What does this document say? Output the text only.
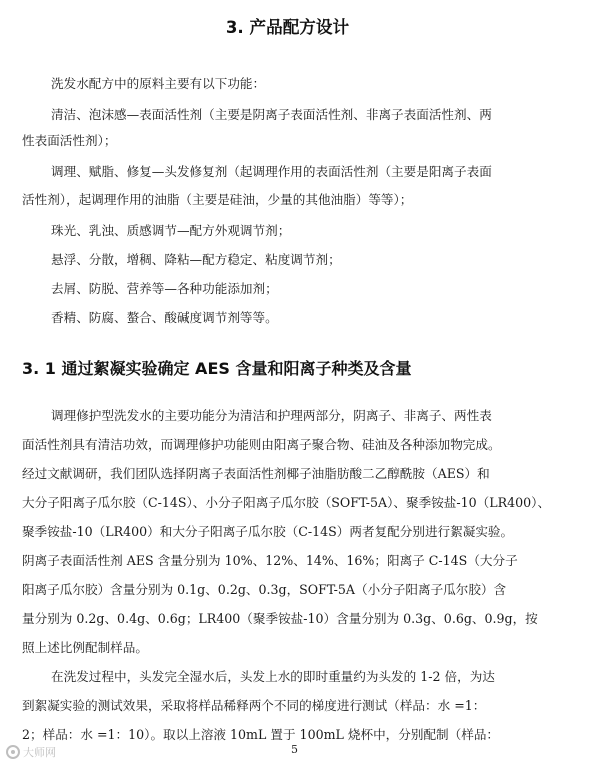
3. 产品配方设计
洗发水配方中的原料主要有以下功能：
清洁、泡沫感—表面活性剂（主要是阴离子表面活性剂、非离子表面活性剂、两
性表面活性剂）；
调理、赋脂、修复—头发修复剂（起调理作用的表面活性剂（主要是阳离子表面
活性剂），起调理作用的油脂（主要是硅油，少量的其他油脂）等等）；
珠光、乳浊、质感调节—配方外观调节剂；
悬浮、分散，增稠、降粘—配方稳定、粘度调节剂；
去屑、防脱、营养等—各种功能添加剂；
香精、防腐、螯合、酸碱度调节剂等等。
3. 1 通过絮凝实验确定 AES 含量和阳离子种类及含量
调理修护型洗发水的主要功能分为清洁和护理两部分，阴离子、非离子、两性表
面活性剂具有清洁功效，而调理修护功能则由阳离子聚合物、硅油及各种添加物完成。
经过文献调研，我们团队选择阴离子表面活性剂椰子油脂肪酸二乙醇酰胺（AES）和
大分子阳离子瓜尔胶（C-14S）、小分子阳离子瓜尔胶（SOFT-5A）、聚季铵盐-10（LR400）、
聚季铵盐-10（LR400）和大分子阳离子瓜尔胶（C-14S）两者复配分别进行絮凝实验。
阴离子表面活性剂 AES 含量分别为 10%、12%、14%、16%；阳离子 C-14S（大分子
阳离子瓜尔胶）含量分别为 0.1g、0.2g、0.3g，SOFT-5A（小分子阳离子瓜尔胶）含
量分别为 0.2g、0.4g、0.6g；LR400（聚季铵盐-10）含量分别为 0.3g、0.6g、0.9g，按
照上述比例配制样品。
在洗发过程中，头发完全湿水后，头发上水的即时重量约为头发的 1-2 倍，为达
到絮凝实验的测试效果，采取将样品稀释两个不同的梯度进行测试（样品：水 =1：
2；样品：水 =1：10）。取以上溶液 10mL 置于 100mL 烧杯中，分别配制（样品：
5
大师网
